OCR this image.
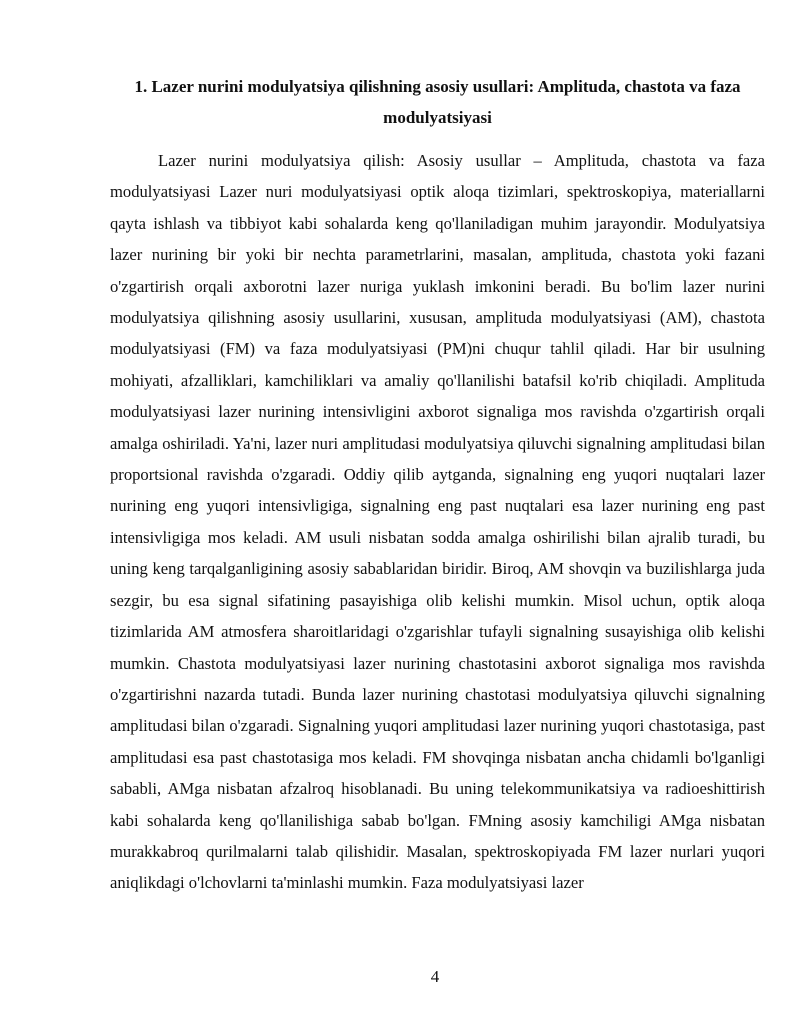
1. Lazer nurini modulyatsiya qilishning asosiy usullari: Amplituda, chastota va faza modulyatsiyasi

Lazer nurini modulyatsiya qilish: Asosiy usullar – Amplituda, chastota va faza modulyatsiyasi Lazer nuri modulyatsiyasi optik aloqa tizimlari, spektroskopiya, materiallarni qayta ishlash va tibbiyot kabi sohalarda keng qo'llaniladigan muhim jarayondir. Modulyatsiya lazer nurining bir yoki bir nechta parametrlarini, masalan, amplituda, chastota yoki fazani o'zgartirish orqali axborotni lazer nuriga yuklash imkonini beradi. Bu bo'lim lazer nurini modulyatsiya qilishning asosiy usullarini, xususan, amplituda modulyatsiyasi (AM), chastota modulyatsiyasi (FM) va faza modulyatsiyasi (PM)ni chuqur tahlil qiladi. Har bir usulning mohiyati, afzalliklari, kamchiliklari va amaliy qo'llanilishi batafsil ko'rib chiqiladi. Amplituda modulyatsiyasi lazer nurining intensivligini axborot signaliga mos ravishda o'zgartirish orqali amalga oshiriladi. Ya'ni, lazer nuri amplitudasi modulyatsiya qiluvchi signalning amplitudasi bilan proportsional ravishda o'zgaradi. Oddiy qilib aytganda, signalning eng yuqori nuqtalari lazer nurining eng yuqori intensivligiga, signalning eng past nuqtalari esa lazer nurining eng past intensivligiga mos keladi. AM usuli nisbatan sodda amalga oshirilishi bilan ajralib turadi, bu uning keng tarqalganligining asosiy sabablaridan biridir. Biroq, AM shovqin va buzilishlarga juda sezgir, bu esa signal sifatining pasayishiga olib kelishi mumkin. Misol uchun, optik aloqa tizimlarida AM atmosfera sharoitlaridagi o'zgarishlar tufayli signalning susayishiga olib kelishi mumkin. Chastota modulyatsiyasi lazer nurining chastotasini axborot signaliga mos ravishda o'zgartirishni nazarda tutadi. Bunda lazer nurining chastotasi modulyatsiya qiluvchi signalning amplitudasi bilan o'zgaradi. Signalning yuqori amplitudasi lazer nurining yuqori chastotasiga, past amplitudasi esa past chastotasiga mos keladi. FM shovqinga nisbatan ancha chidamli bo'lganligi sababli, AMga nisbatan afzalroq hisoblanadi. Bu uning telekommunikatsiya va radioeshittirish kabi sohalarda keng qo'llanilishiga sabab bo'lgan. FMning asosiy kamchiligi AMga nisbatan murakkabroq qurilmalarni talab qilishidir. Masalan, spektroskopiyada FM lazer nurlari yuqori aniqlikdagi o'lchovlarni ta'minlashi mumkin. Faza modulyatsiyasi lazer

4
